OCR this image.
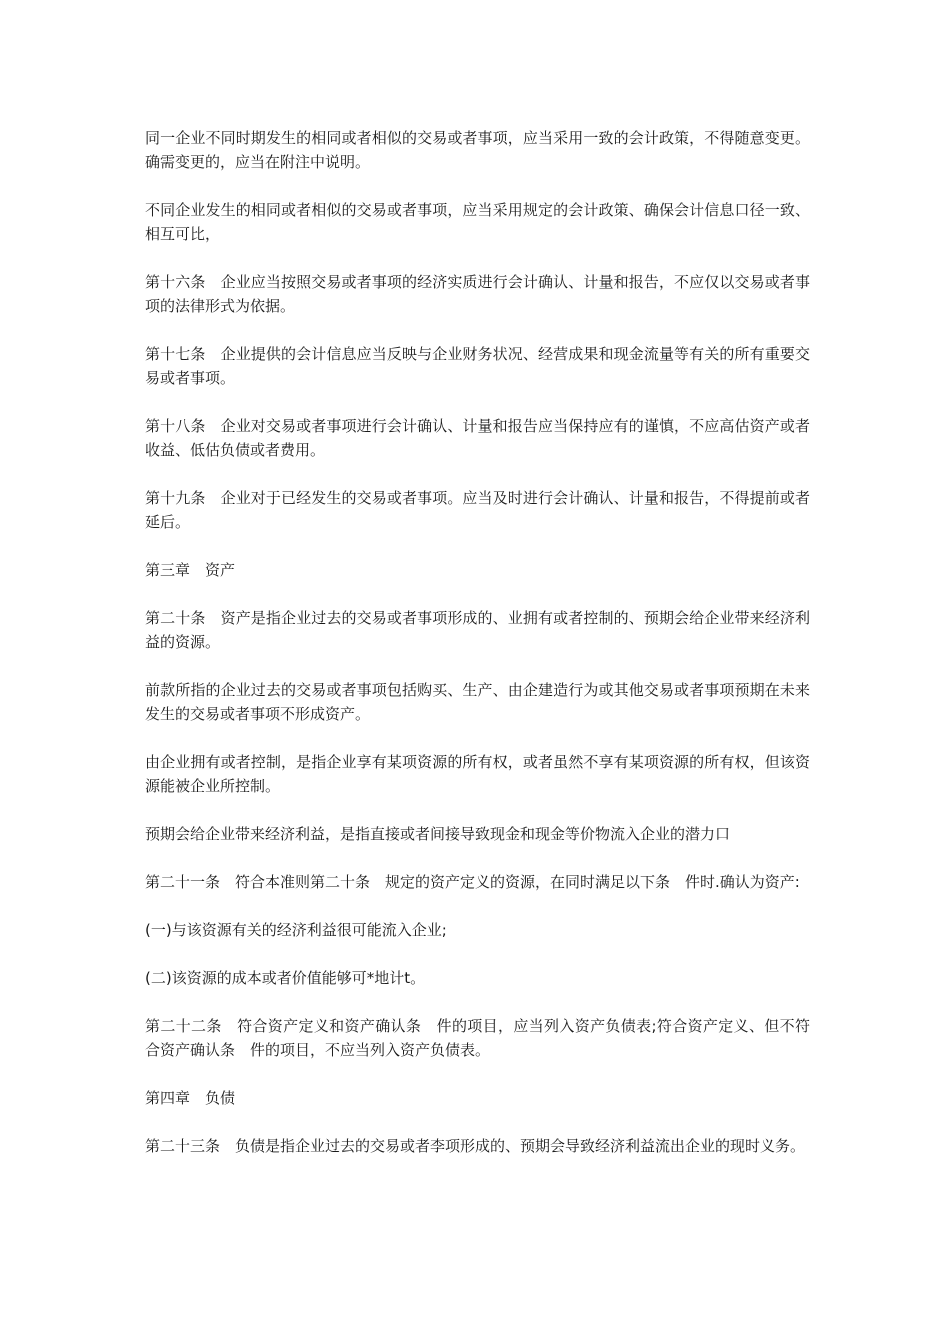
同一企业不同时期发生的相同或者相似的交易或者事项，应当采用一致的会计政策，不得随意变更。确需变更的，应当在附注中说明。

不同企业发生的相同或者相似的交易或者事项，应当采用规定的会计政策、确保会计信息口径一致、相互可比，

第十六条　企业应当按照交易或者事项的经济实质进行会计确认、计量和报告，不应仅以交易或者事项的法律形式为依据。

第十七条　企业提供的会计信息应当反映与企业财务状况、经营成果和现金流量等有关的所有重要交易或者事项。

第十八条　企业对交易或者事项进行会计确认、计量和报告应当保持应有的谨慎，不应高估资产或者收益、低估负债或者费用。

第十九条　企业对于已经发生的交易或者事项。应当及时进行会计确认、计量和报告，不得提前或者延后。

第三章　资产

第二十条　资产是指企业过去的交易或者事项形成的、业拥有或者控制的、预期会给企业带来经济利益的资源。

前款所指的企业过去的交易或者事项包括购买、生产、由企建造行为或其他交易或者事项预期在未来发生的交易或者事项不形成资产。

由企业拥有或者控制，是指企业享有某项资源的所有权，或者虽然不享有某项资源的所有权，但该资源能被企业所控制。

预期会给企业带来经济利益，是指直接或者间接导致现金和现金等价物流入企业的潜力口

第二十一条　符合本准则第二十条　规定的资产定义的资源，在同时满足以下条　件时.确认为资产:

(一)与该资源有关的经济利益很可能流入企业;

(二)该资源的成本或者价值能够可*地计t。

第二十二条　符合资产定义和资产确认条　件的项目，应当列入资产负债表;符合资产定义、但不符合资产确认条　件的项目，不应当列入资产负债表。

第四章　负债

第二十三条　负债是指企业过去的交易或者李项形成的、预期会导致经济利益流出企业的现时义务。
